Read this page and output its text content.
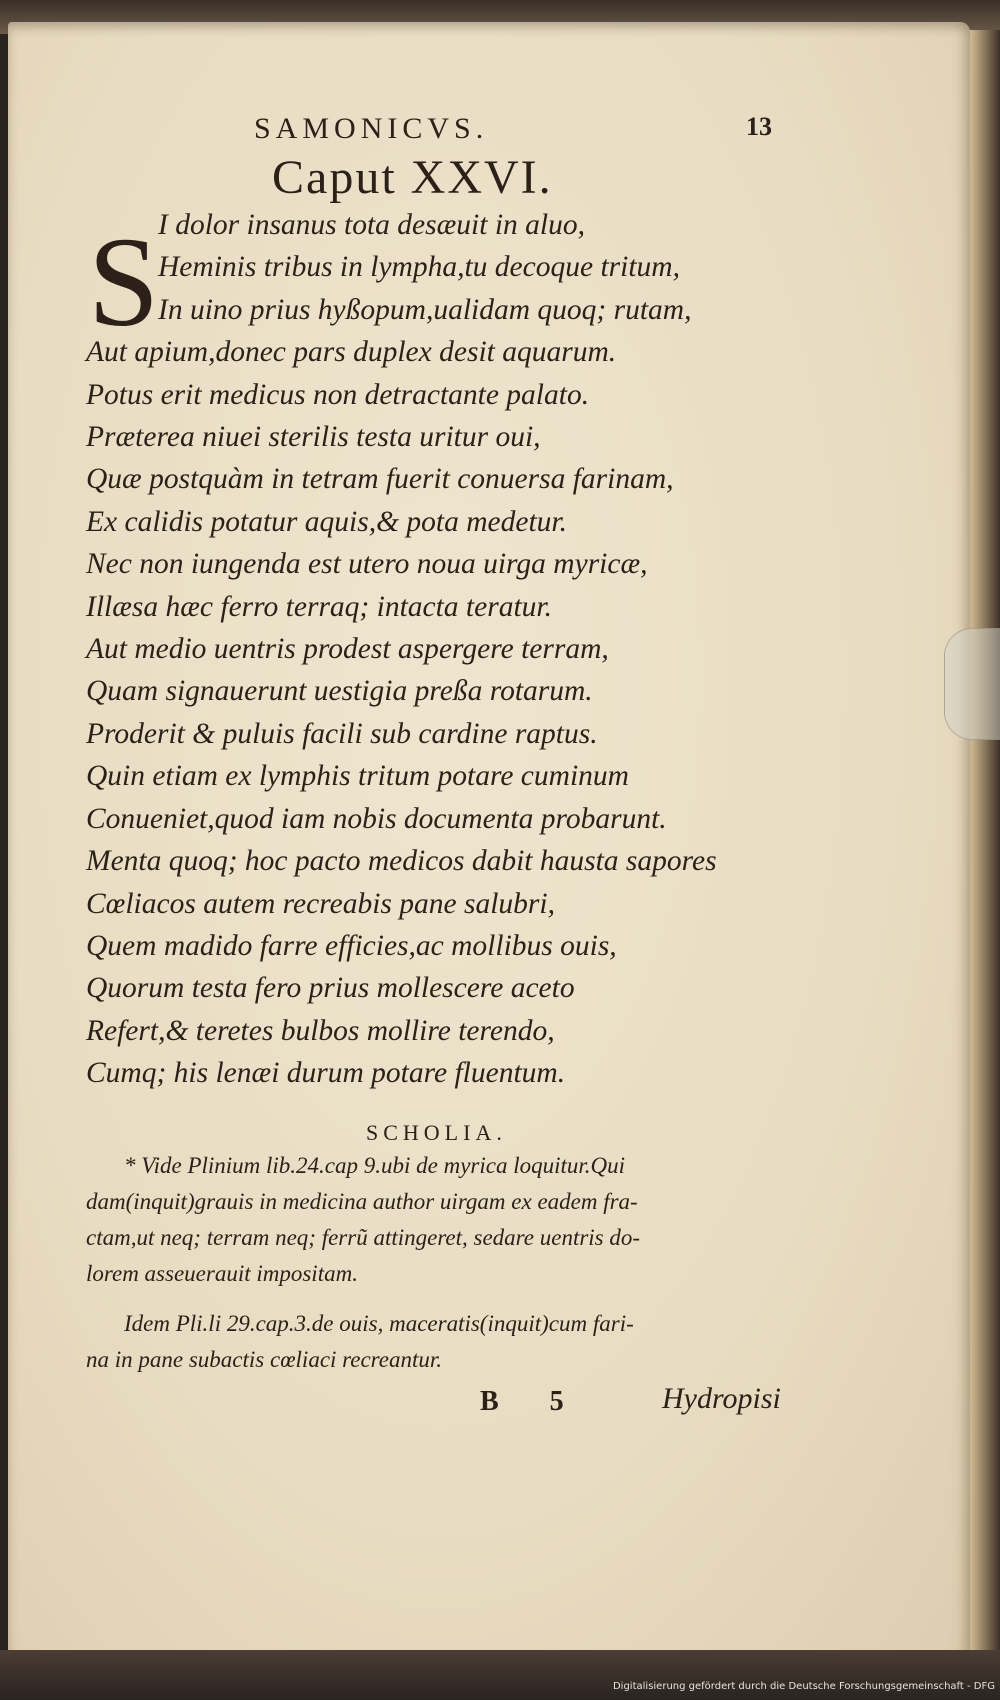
SAMONICVS.	13
Caput XXVI.
S
I dolor insanus tota desæuit in aluo,
Heminis tribus in lympha,tu decoque tritum,
In uino prius hyßopum,ualidam quoq; rutam,
Aut apium,donec pars duplex desit aquarum.
Potus erit medicus non detractante palato.
Præterea niuei sterilis testa uritur oui,
Quæ postquàm in tetram fuerit conuersa farinam,
Ex calidis potatur aquis,& pota medetur.
Nec non iungenda est utero noua uirga myricæ,
Illæsa hæc ferro terraq; intacta teratur.
Aut medio uentris prodest aspergere terram,
Quam signauerunt uestigia preßa rotarum.
Proderit & puluis facili sub cardine raptus.
Quin etiam ex lymphis tritum potare cuminum
Conueniet,quod iam nobis documenta probarunt.
Menta quoq; hoc pacto medicos dabit hausta sapores
Cœliacos autem recreabis pane salubri,
Quem madido farre efficies,ac mollibus ouis,
Quorum testa fero prius mollescere aceto
Refert,& teretes bulbos mollire terendo,
Cumq; his lenæi durum potare fluentum.
SCHOLIA.
* Vide Plinium lib.24.cap 9.ubi de myrica loquitur.Qui
dam(inquit)grauis in medicina author uirgam ex eadem fra-
ctam,ut neq; terram neq; ferrũ attingeret, sedare uentris do-
lorem asseuerauit impositam.
Idem Pli.li 29.cap.3.de ouis, maceratis(inquit)cum fari-
na in pane subactis cœliaci recreantur.
B 5	Hydropisi
Digitalisierung gefördert durch die Deutsche Forschungsgemeinschaft - DFG
